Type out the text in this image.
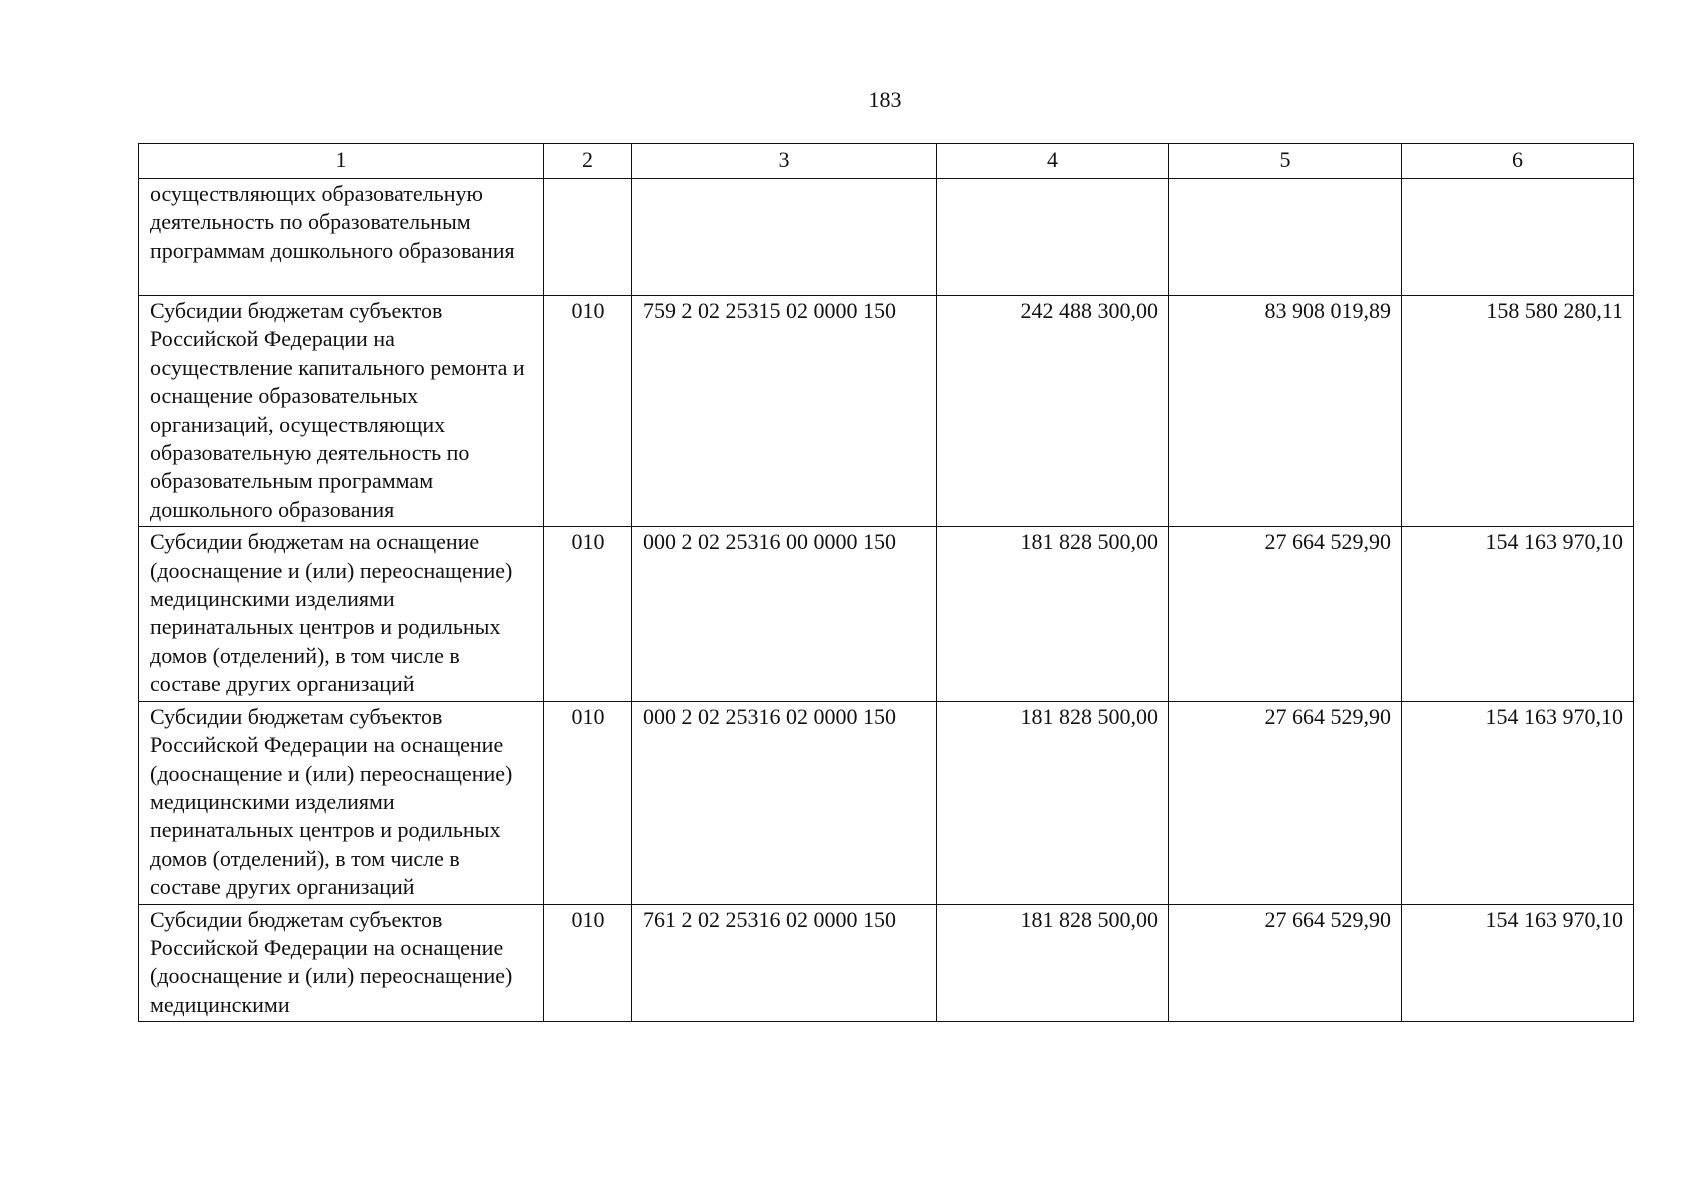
183
1	2	3	4	5	6
осуществляющих образовательную деятельность по образовательным программам дошкольного образования					
Субсидии бюджетам субъектов Российской Федерации на осуществление капитального ремонта и оснащение образовательных организаций, осуществляющих образовательную деятельность по образовательным программам дошкольного образования	010	759 2 02 25315 02 0000 150	242 488 300,00	83 908 019,89	158 580 280,11
Субсидии бюджетам на оснащение (дооснащение и (или) переоснащение) медицинскими изделиями перинатальных центров и родильных домов (отделений), в том числе в составе других организаций	010	000 2 02 25316 00 0000 150	181 828 500,00	27 664 529,90	154 163 970,10
Субсидии бюджетам субъектов Российской Федерации на оснащение (дооснащение и (или) переоснащение) медицинскими изделиями перинатальных центров и родильных домов (отделений), в том числе в составе других организаций	010	000 2 02 25316 02 0000 150	181 828 500,00	27 664 529,90	154 163 970,10
Субсидии бюджетам субъектов Российской Федерации на оснащение (дооснащение и (или) переоснащение) медицинскими	010	761 2 02 25316 02 0000 150	181 828 500,00	27 664 529,90	154 163 970,10
